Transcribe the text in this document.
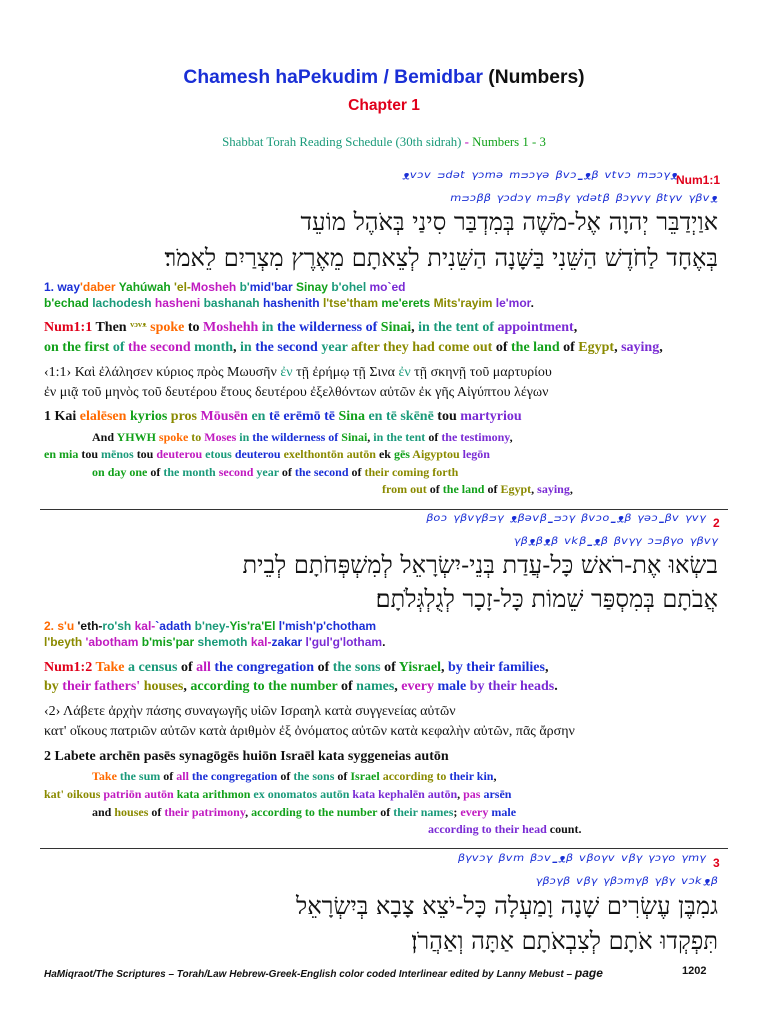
Chamesh haPekudim / Bemidbar (Numbers)
Chapter 1
Shabbat Torah Reading Schedule (30th sidrah) - Numbers 1 - 3
ᵜᵛᵓᵛ ᵙᵈᵊᵗ ᵞᵓᵐᵊ ᵐᵙᵓᵞᵊ ᵝᵛᵓ-ᵜᵝ ᵛᵗᵛᵓ ᵐᵙᵓᵞᵜ
Num1:1
ᵐᵙᵓᵝᵝ ᵞᵓᵈᵓᵞ ᵐᵙᵝᵞ ᵞᵈᵊᵗᵝ ᵝᵓᵞᵛᵞ ᵝᵗᵞᵛ ᵞᵝᵛᵜ
אוַיְדַבֵּר יְהוָה אֶל-מֹשֶׁה בְּמִדְבַּר סִינַי בְּאֹהֶל מוֹעֵד
בְּאֶחָד לַחֹדֶשׁ הַשֵּׁנִי בַּשָּׁנָה הַשֵּׁנִית לְצֵאתָם מֵאֶרֶץ מִצְרַיִם לֵאמֹר׃
1. way'daber Yahúwah 'el-Mosheh b'mid'bar Sinay b'ohel mo`ed
b'echad lachodesh hasheni bashanah hashenith l'tse'tham me'erets Mits'rayim le'mor.
Num1:1 Then ᵛᵓᵛᵜ spoke to Moshehh in the wilderness of Sinai, in the tent of appointment,
on the first of the second month, in the second year after they had come out of the land of Egypt, saying,
‹1:1› Καὶ ἐλάλησεν κύριος πρὸς Μωυσῆν ἐν τῇ ἐρήμῳ τῇ Σινα ἐν τῇ σκηνῇ τοῦ μαρτυρίου
ἐν μιᾷ τοῦ μηνὸς τοῦ δευτέρου ἔτους δευτέρου ἐξελθόντων αὐτῶν ἐκ γῆς Αἰγύπτου λέγων
1 Kai elalēsen kyrios pros Mōusēn en tē erēmō tē Sina en tē skēnē tou martyriou
And YHWH spoke to Moses in the wilderness of Sinai, in the tent of the testimony,
en mia tou mēnos tou deuterou etous deuterou exelthontōn autōn ek gēs Aigyptou legōn
on day one of the month second year of the second of their coming forth
from out of the land of Egypt, saying,
ᵝᵒᵓ ᵞᵝᵛᵞᵝᵙᵞ ᵜᵝᵊᵛᵝ-ᵙᵓᵞ ᵝᵛᵓᵒ-ᵜᵝ ᵞᵊᵓ-ᵝᵛ ᵞᵛᵞ 2
ᵞᵝᵜᵝᵜᵝ ᵛᵏᵝ-ᵜᵝ ᵝᵛᵞᵞ ᵓᵙᵝᵞᵒ ᵞᵝᵛᵞ
בשְׂאוּ אֶת-רֹאשׁ כָּל-עֲדַת בְּנֵי-יִשְׂרָאֵל לְמִשְׁפְּחֹתָם לְבֵית
אֲבֹתָם בְּמִסְפַּר שֵׁמוֹת כָּל-זָכָר לְגֻלְגְּלֹתָם׃
2. s'u 'eth-ro'sh kal-`adath b'ney-Yis'ra'El l'mish'p'chotham
l'beyth 'abotham b'mis'par shemoth kal-zakar l'gul'g'lotham.
Num1:2 Take a census of all the congregation of the sons of Yisrael, by their families,
by their fathers' houses, according to the number of names, every male by their heads.
‹2› Λάβετε ἀρχὴν πάσης συναγωγῆς υἱῶν Ισραηλ κατὰ συγγενείας αὐτῶν
κατ' οἴκους πατριῶν αὐτῶν κατὰ ἀριθμὸν ἐξ ὀνόματος αὐτῶν κατὰ κεφαλὴν αὐτῶν, πᾶς ἄρσην
2 Labete archēn pasēs synagōgēs huiōn Israēl kata syggeneias autōn
Take the sum of all the congregation of the sons of Israel according to their kin,
kat' oikous patriōn autōn kata arithmon ex onomatos autōn kata kephalēn autōn, pas arsēn
and houses of their patrimony, according to the number of their names; every male
according to their head count.
ᵝᵞᵛᵓᵞ ᵝᵛᵐ ᵝᵓᵛ-ᵜᵝ ᵛᵝᵒᵞᵛ ᵛᵝᵞ ᵞᵓᵞᵒ ᵞᵐᵞ 3
ᵞᵝᵓᵞᵝ ᵛᵝᵞ ᵞᵝᵓᵐᵞᵝ ᵞᵝᵞ ᵛᵓᵏᵜᵝ
גמִבֶּן עֶשְׂרִים שָׁנָה וָמַעְלָה כָּל-יֹצֵא צָבָא בְּיִשְׂרָאֵל
תִּפְקְדוּ אֹתָם לְצִבְאֹתָם אַתָּה וְאַהֲרֹן׃
HaMiqraot/The Scriptures – Torah/Law Hebrew-Greek-English color coded Interlinear edited by Lanny Mebust – page	1202
